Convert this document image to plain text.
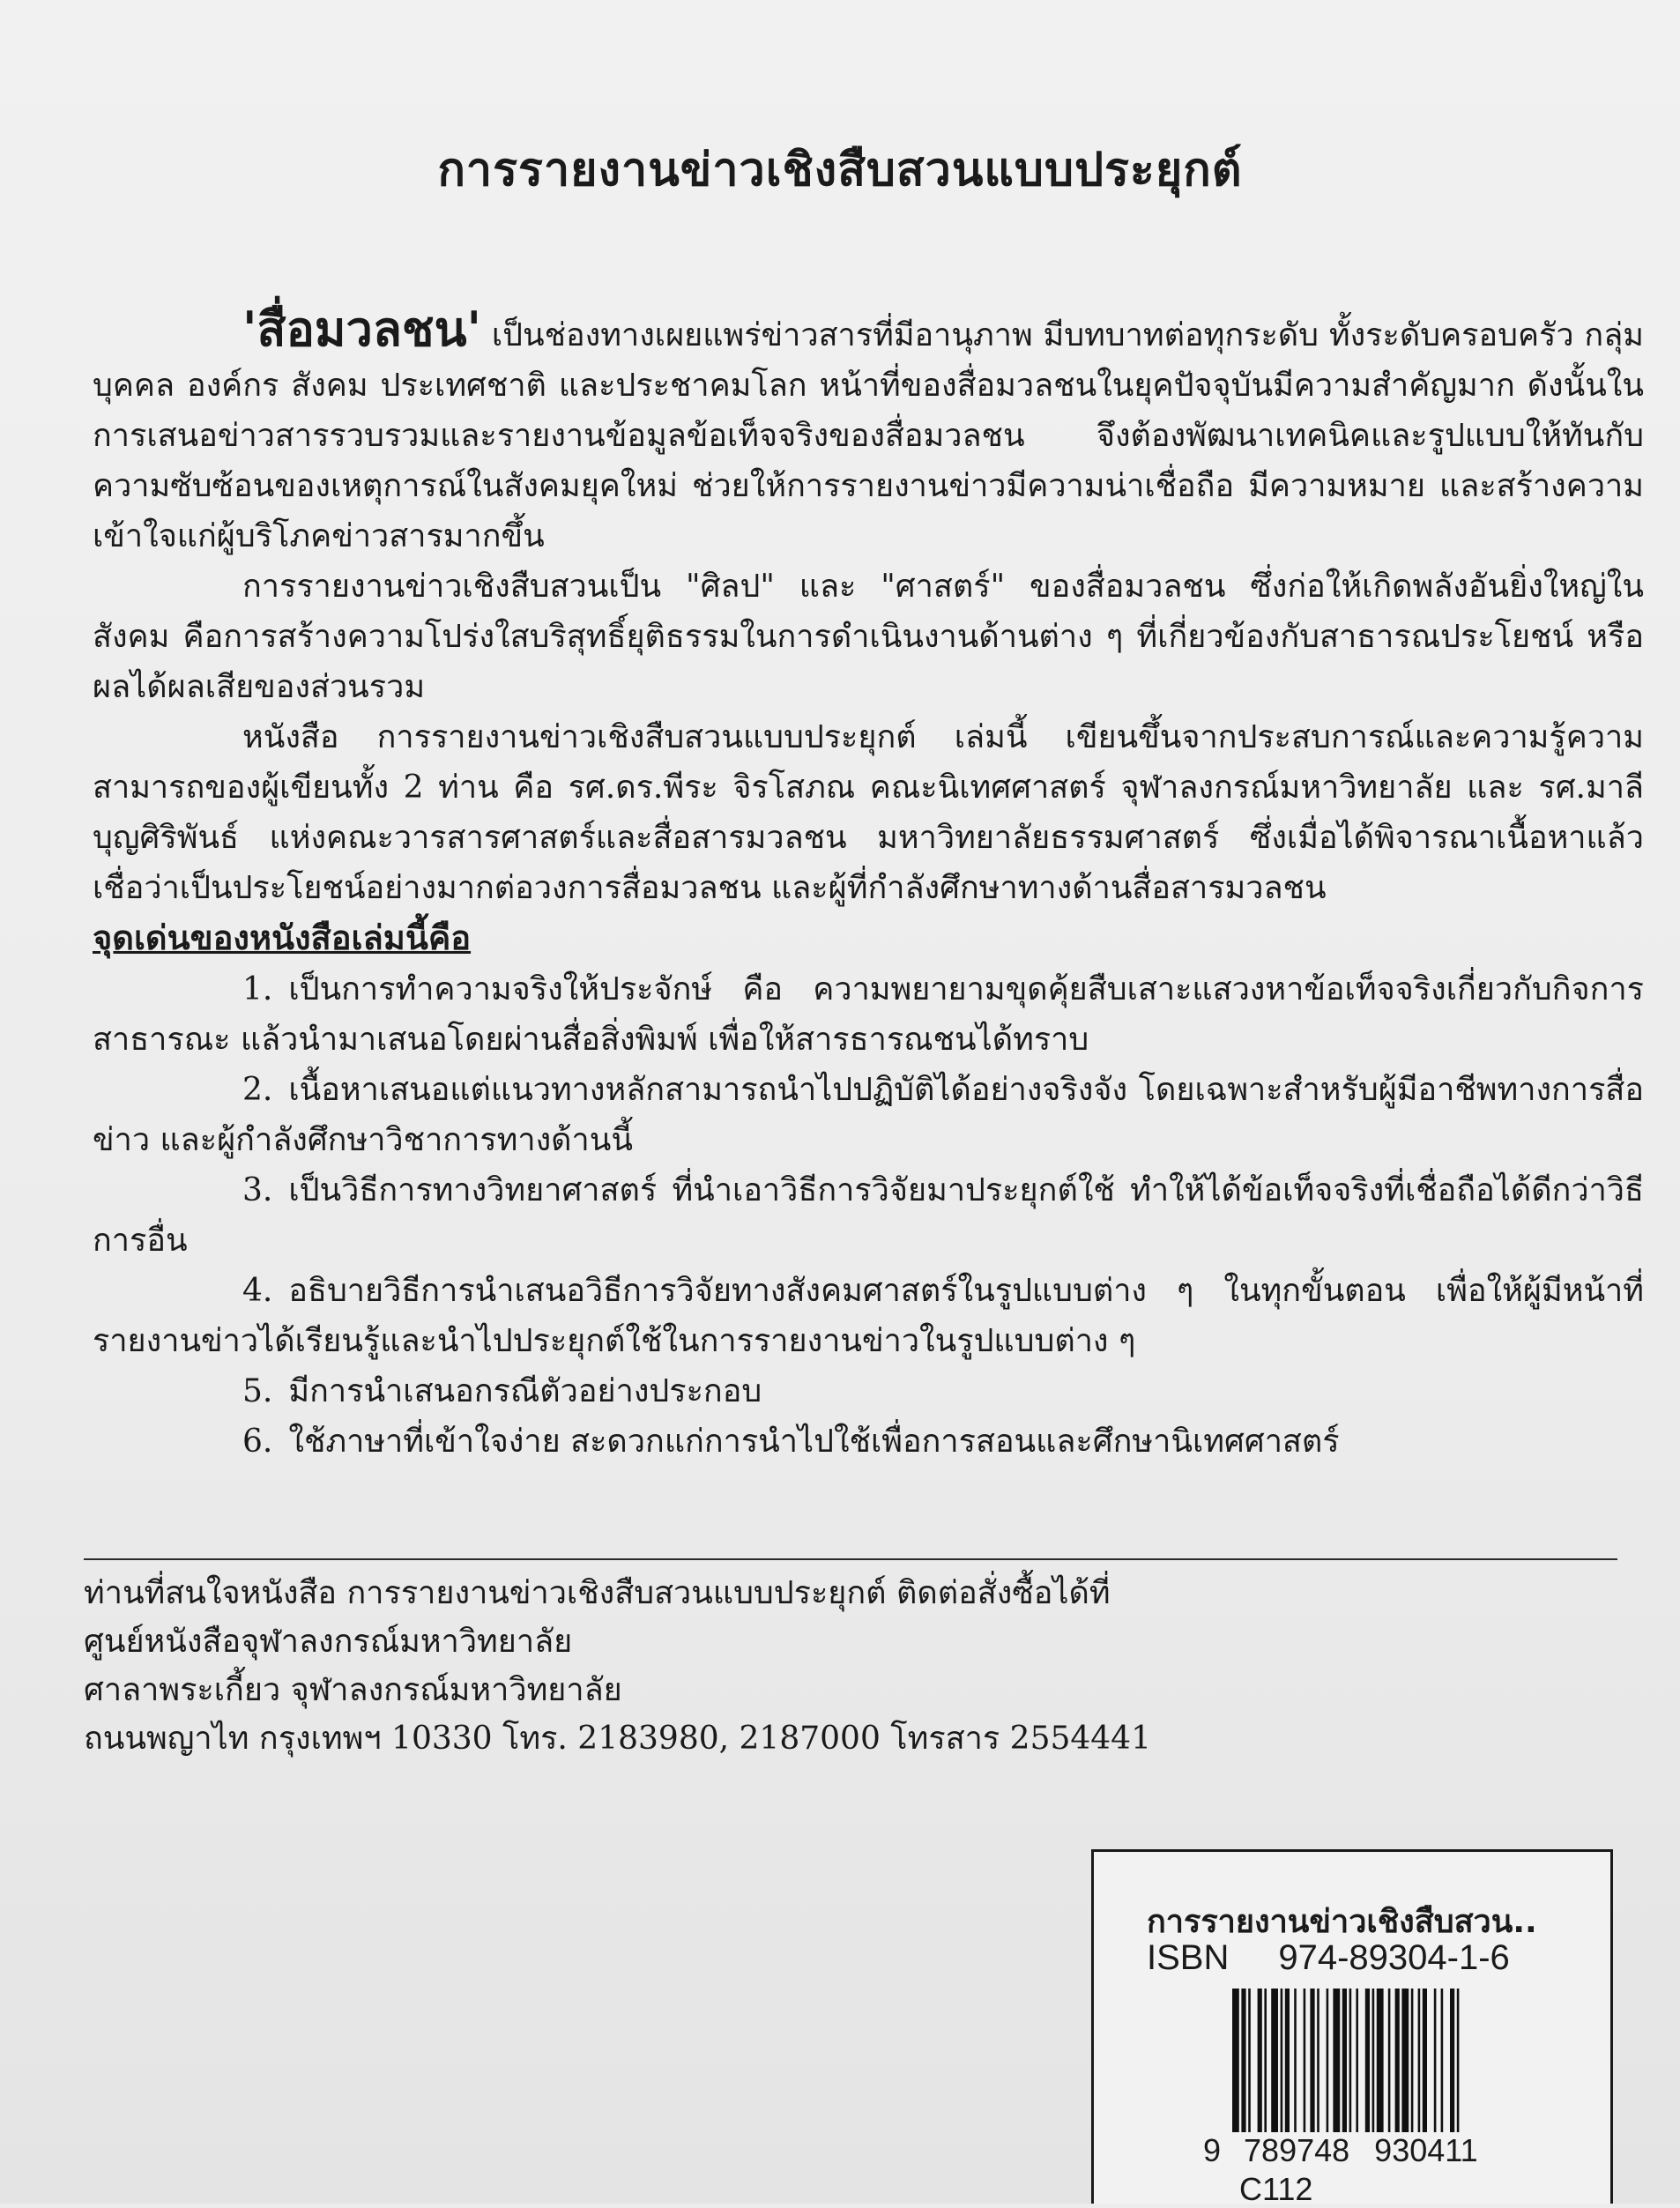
การรายงานข่าวเชิงสืบสวนแบบประยุกต์

'สื่อมวลชน' เป็นช่องทางเผยแพร่ข่าวสารที่มีอานุภาพ มีบทบาทต่อทุกระดับ ทั้งระดับครอบครัว กลุ่มบุคคล องค์กร สังคม ประเทศชาติ และประชาคมโลก หน้าที่ของสื่อมวลชนในยุคปัจจุบันมีความสำคัญมาก ดังนั้นในการเสนอข่าวสารรวบรวมและรายงานข้อมูลข้อเท็จจริงของสื่อมวลชน จึงต้องพัฒนาเทคนิคและรูปแบบให้ทันกับความซับซ้อนของเหตุการณ์ในสังคมยุคใหม่ ช่วยให้การรายงานข่าวมีความน่าเชื่อถือ มีความหมาย และสร้างความเข้าใจแก่ผู้บริโภคข่าวสารมากขึ้น

การรายงานข่าวเชิงสืบสวนเป็น "ศิลป" และ "ศาสตร์" ของสื่อมวลชน ซึ่งก่อให้เกิดพลังอันยิ่งใหญ่ในสังคม คือการสร้างความโปร่งใสบริสุทธิ์ยุติธรรมในการดำเนินงานด้านต่าง ๆ ที่เกี่ยวข้องกับสาธารณประโยชน์ หรือผลได้ผลเสียของส่วนรวม

หนังสือ การรายงานข่าวเชิงสืบสวนแบบประยุกต์ เล่มนี้ เขียนขึ้นจากประสบการณ์และความรู้ความสามารถของผู้เขียนทั้ง 2 ท่าน คือ รศ.ดร.พีระ จิรโสภณ คณะนิเทศศาสตร์ จุฬาลงกรณ์มหาวิทยาลัย และ รศ.มาลี บุญศิริพันธ์ แห่งคณะวารสารศาสตร์และสื่อสารมวลชน มหาวิทยาลัยธรรมศาสตร์ ซึ่งเมื่อได้พิจารณาเนื้อหาแล้ว เชื่อว่าเป็นประโยชน์อย่างมากต่อวงการสื่อมวลชน และผู้ที่กำลังศึกษาทางด้านสื่อสารมวลชน

จุดเด่นของหนังสือเล่มนี้คือ

1. เป็นการทำความจริงให้ประจักษ์ คือ ความพยายามขุดคุ้ยสืบเสาะแสวงหาข้อเท็จจริงเกี่ยวกับกิจการสาธารณะ แล้วนำมาเสนอโดยผ่านสื่อสิ่งพิมพ์ เพื่อให้สารธารณชนได้ทราบ
2. เนื้อหาเสนอแต่แนวทางหลักสามารถนำไปปฏิบัติได้อย่างจริงจัง โดยเฉพาะสำหรับผู้มีอาชีพทางการสื่อข่าว และผู้กำลังศึกษาวิชาการทางด้านนี้
3. เป็นวิธีการทางวิทยาศาสตร์ ที่นำเอาวิธีการวิจัยมาประยุกต์ใช้ ทำให้ได้ข้อเท็จจริงที่เชื่อถือได้ดีกว่าวิธีการอื่น
4. อธิบายวิธีการนำเสนอวิธีการวิจัยทางสังคมศาสตร์ในรูปแบบต่าง ๆ ในทุกขั้นตอน เพื่อให้ผู้มีหน้าที่รายงานข่าวได้เรียนรู้และนำไปประยุกต์ใช้ในการรายงานข่าวในรูปแบบต่าง ๆ
5. มีการนำเสนอกรณีตัวอย่างประกอบ
6. ใช้ภาษาที่เข้าใจง่าย สะดวกแก่การนำไปใช้เพื่อการสอนและศึกษานิเทศศาสตร์
ท่านที่สนใจหนังสือ การรายงานข่าวเชิงสืบสวนแบบประยุกต์ ติดต่อสั่งซื้อได้ที่
ศูนย์หนังสือจุฬาลงกรณ์มหาวิทยาลัย
ศาลาพระเกี้ยว จุฬาลงกรณ์มหาวิทยาลัย
ถนนพญาไท กรุงเทพฯ 10330 โทร. 2183980, 2187000 โทรสาร 2554441
การรายงานข่าวเชิงสืบสวน..
ISBN 974-89304-1-6
9 789748 930411
C112
